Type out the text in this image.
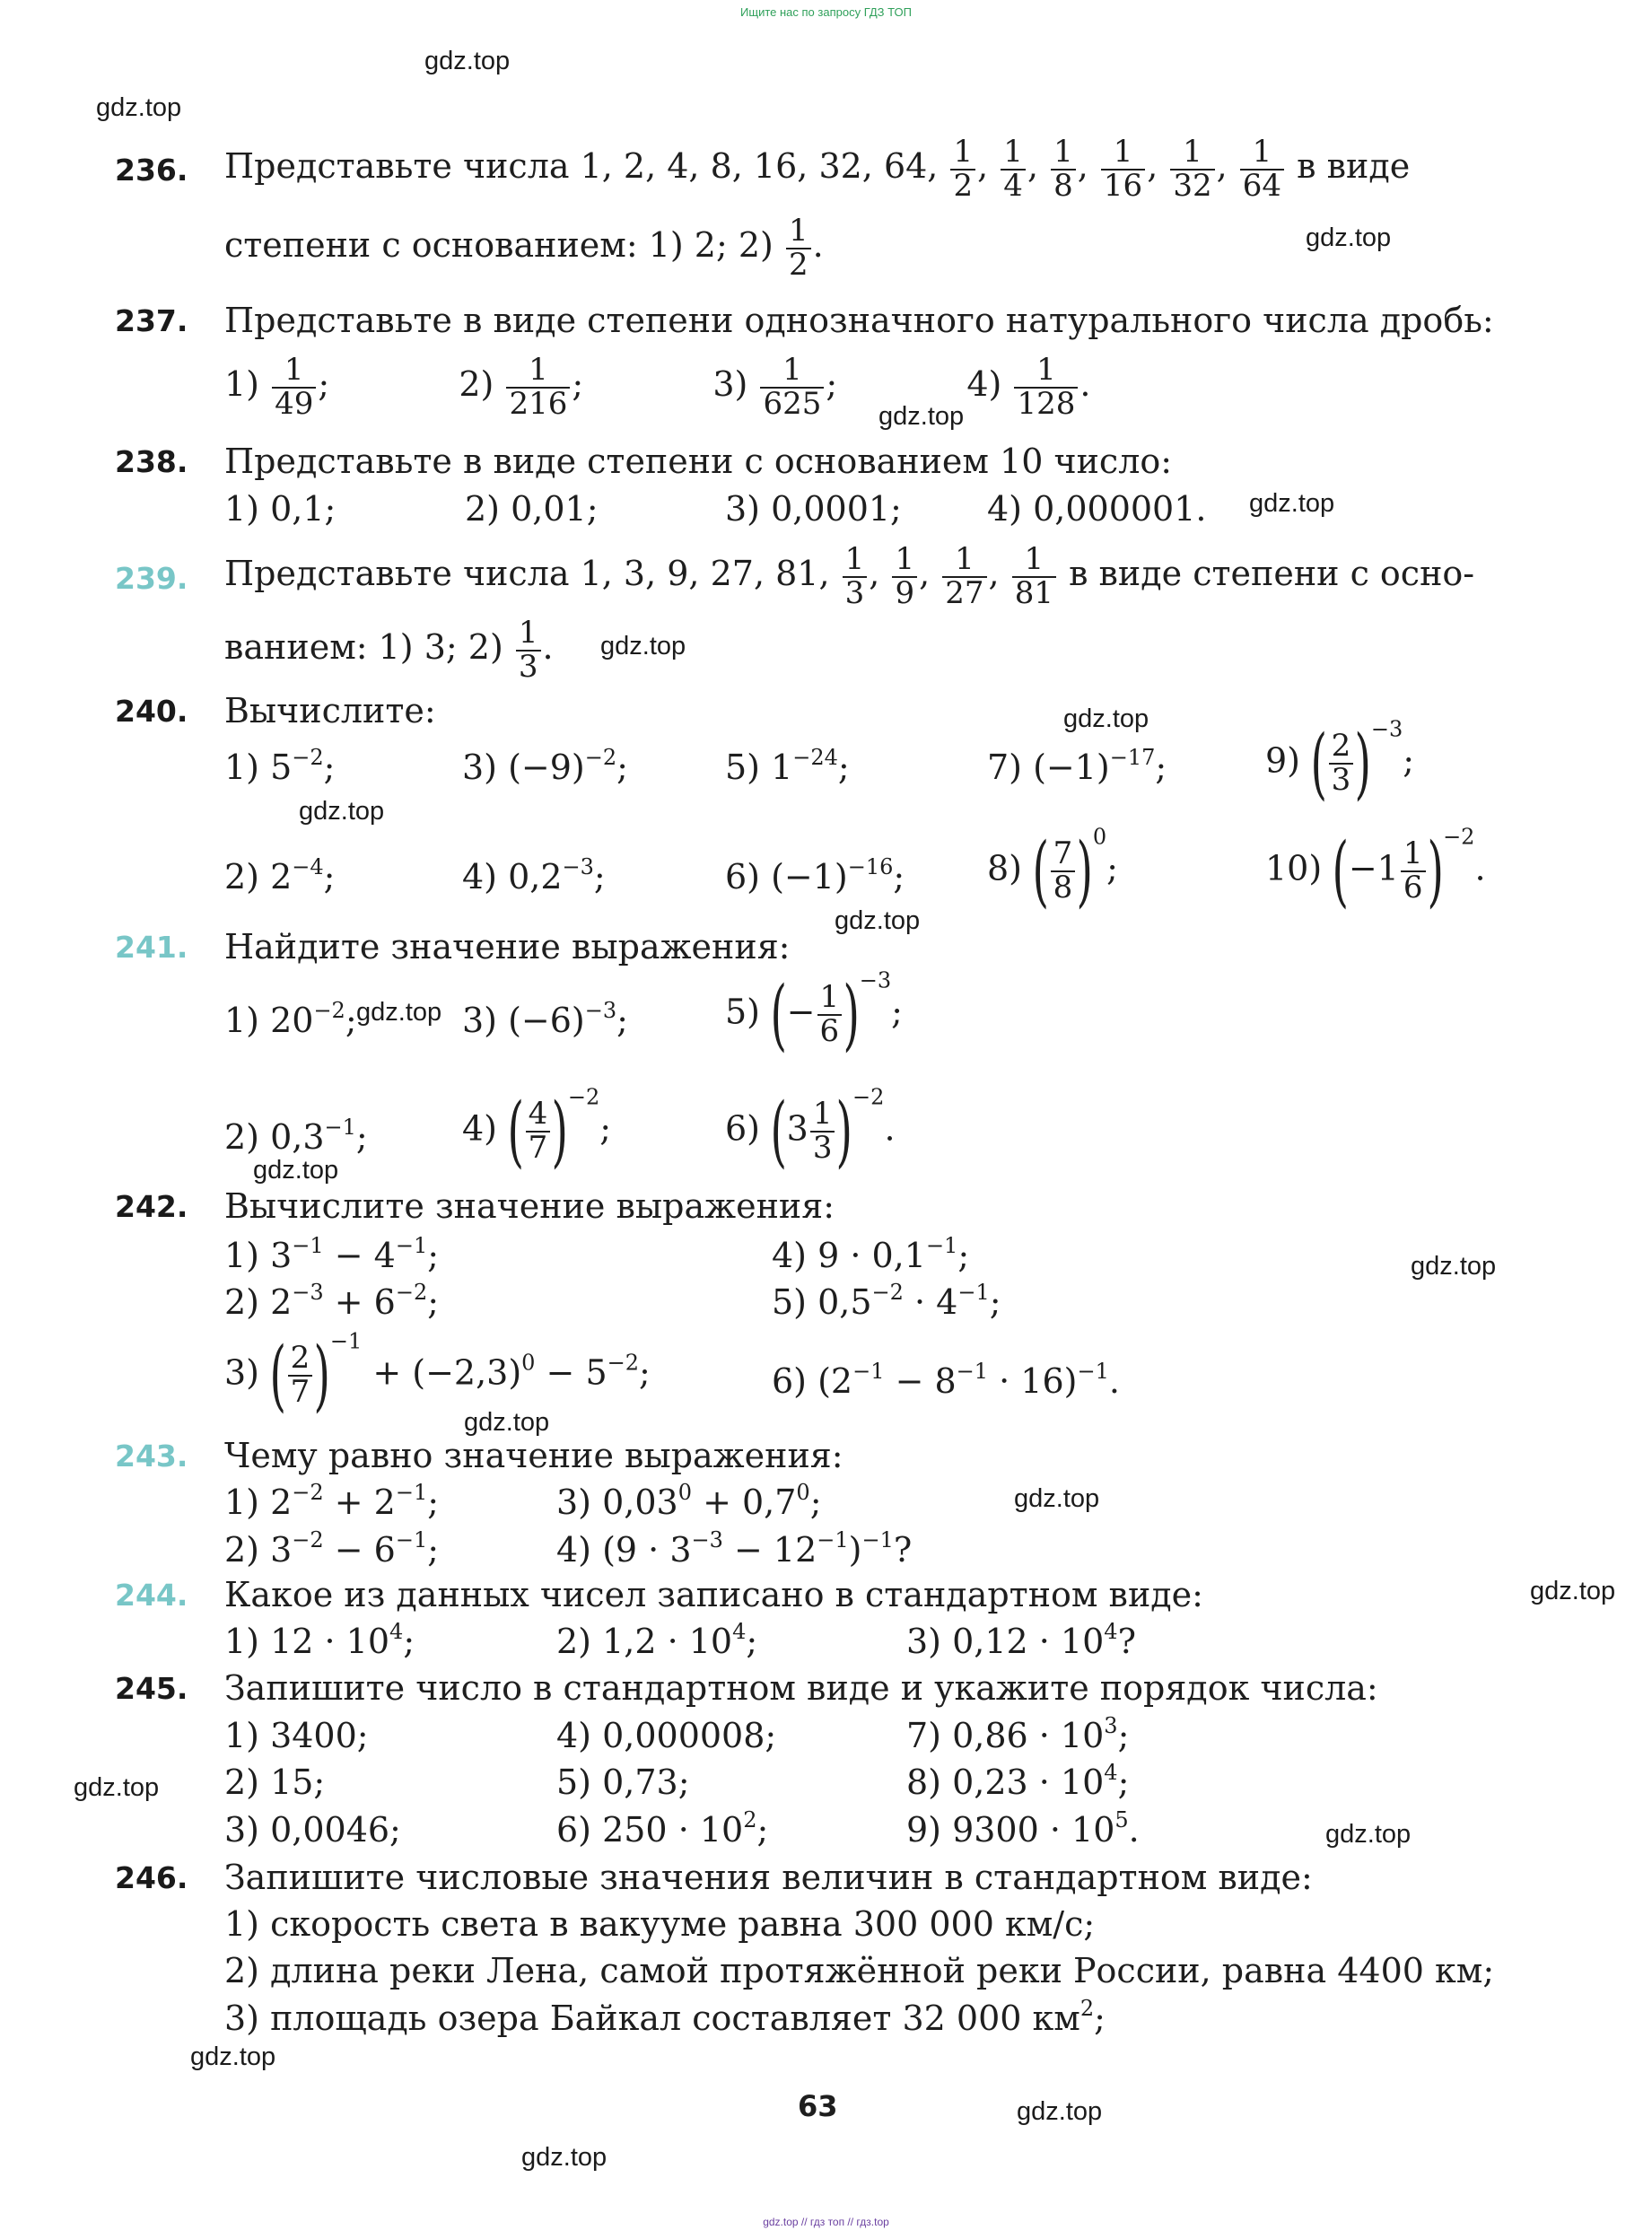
Ищите нас по запросу ГДЗ ТОП
gdz.top
gdz.top
gdz.top
gdz.top
gdz.top
gdz.top
gdz.top
gdz.top
gdz.top
gdz.top
gdz.top
gdz.top
gdz.top
gdz.top
gdz.top
gdz.top
gdz.top
gdz.top
gdz.top
gdz.top
236. Представьте числа 1, 2, 4, 8, 16, 32, 64, $\frac{1}{2}$ , $\frac{1}{4}$ , $\frac{1}{8}$ , $\frac{1}{16}$ , $\frac{1}{32}$ , $\frac{1}{64}$ в виде
степени с основанием: 1) 2; $2) \frac{1}{2}$ .
237. Представьте в виде степени однозначного натурального числа дробь:
$1) \frac{1}{49}$ ;	$2) \frac{1}{216}$ ;	$3) \frac{1}{625}$ ;	$4) \frac{1}{128}$ .
238. Представьте в виде степени с основанием 10 число:
1) 0,1;	2) 0,01;	3) 0,0001;	4) 0,000001.
239. Представьте числа 1, 3, 9, 27, 81, $\frac{1}{3}$ , $\frac{1}{9}$ , $\frac{1}{27}$ , $\frac{1}{81}$ в виде степени с осно-
ванием: 1) 3; $2) \frac{1}{3}$ .
240. Вычислите:
1) $5^{-2}$;	3) $(-9)^{-2}$;	5) $1^{-24}$;	7) $(-1)^{-17}$;	9) ( $\frac{2}{3} )^{-3}$;
2) $2^{-4}$;	4) $0,2^{-3}$;	6) $(-1)^{-16}$; 8) ( $\frac{7}{8} )^0$;	10) $(-1 \frac{1}{6} )^{-2}$.
241. Найдите значение выражения:
1) $20^{-2}$;	3) $(-6)^{-3}$;	5) (− $\frac{1}{6} )^{-3}$;
2) $0,3^{-1}$;	4) ( $\frac{4}{7} )^{-2}$;	6) $(3 \frac{1}{3} )^{-2}$.
242. Вычислите значение выражения:
1) $3^{-1} - 4^{-1}$;	4) $9 \cdot 0,1^{-1}$;
2) $2^{-3} + 6^{-2}$;	5) $0,5^{-2} \cdot 4^{-1}$;
3) ( $\frac{2}{7} )^{-1} + (-2,3)^0 - 5^{-2}$;	6) $(2^{-1} - 8^{-1} \cdot 16)^{-1}$.
243. Чему равно значение выражения:
1) $2^{-2} + 2^{-1}$;	3) $0,03^0 + 0,7^0$;
2) $3^{-2} - 6^{-1}$;	4) $(9 \cdot 3^{-3} - 12^{-1})^{-1}$?
244. Какое из данных чисел записано в стандартном виде:
1) $12 \cdot 10^4$;	2) $1,2 \cdot 10^4$;	3) $0,12 \cdot 10^4$?
245. Запишите число в стандартном виде и укажите порядок числа:
1) 3400;	4) 0,000008;	7) $0,86 \cdot 10^3$;
2) 15;	5) 0,73;	8) $0,23 \cdot 10^4$;
3) 0,0046;	6) $250 \cdot 10^2$;	9) $9300 \cdot 10^5$.
246. Запишите числовые значения величин в стандартном виде:
1) скорость света в вакууме равна 300 000 км/с;
2) длина реки Лена, самой протяжённой реки России, равна 4400 км;
3) площадь озера Байкал составляет 32 000 $км^2$;
63
gdz.top // гдз топ // гдз.top
